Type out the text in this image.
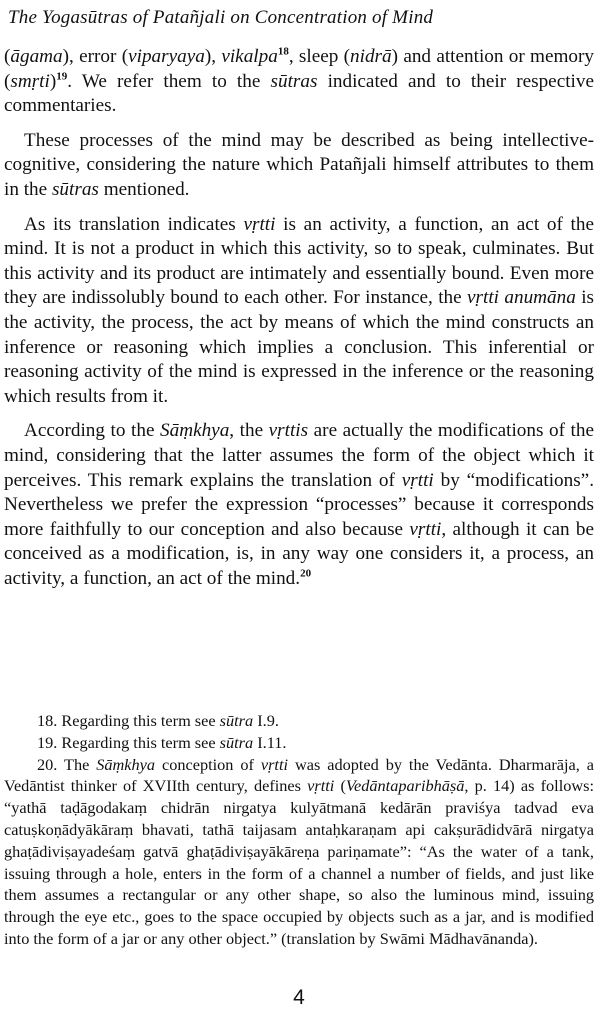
The Yogasūtras of Patañjali on Concentration of Mind

(āgama), error (viparyaya), vikalpa$^{18}$, sleep (nidrā) and attention or memory (smṛti)$^{19}$. We refer them to the sūtras indicated and to their respective commentaries.

These processes of the mind may be described as being intellective-cognitive, considering the nature which Patañjali himself attributes to them in the sūtras mentioned.

As its translation indicates vṛtti is an activity, a function, an act of the mind. It is not a product in which this activity, so to speak, culminates. But this activity and its product are intimately and essentially bound. Even more they are indissolubly bound to each other. For instance, the vṛtti anumāna is the activity, the process, the act by means of which the mind constructs an inference or reasoning which implies a conclusion. This inferential or reasoning activity of the mind is expressed in the inference or the reasoning which results from it.

According to the Sāṃkhya, the vṛttis are actually the modifications of the mind, considering that the latter assumes the form of the object which it perceives. This remark explains the translation of vṛtti by “modifications”. Nevertheless we prefer the expression “processes” because it corresponds more faithfully to our conception and also because vṛtti, although it can be conceived as a modification, is, in any way one considers it, a process, an activity, a function, an act of the mind.$^{20}$

18. Regarding this term see sūtra I.9.

19. Regarding this term see sūtra I.11.

20. The Sāṃkhya conception of vṛtti was adopted by the Vedānta. Dharmarāja, a Vedāntist thinker of XVIIth century, defines vṛtti (Vedāntaparibhāṣā, p. 14) as follows: “yathā taḍāgodakaṃ chidrān nirgatya kulyātmanā kedārān praviśya tadvad eva catuṣkoṇādyākāraṃ bhavati, tathā taijasam antaḥkaraṇam api cakṣurādidvārā nirgatya ghaṭādiviṣayadeśaṃ gatvā ghaṭādiviṣayākāreṇa pariṇamate”: “As the water of a tank, issuing through a hole, enters in the form of a channel a number of fields, and just like them assumes a rectangular or any other shape, so also the luminous mind, issuing through the eye etc., goes to the space occupied by objects such as a jar, and is modified into the form of a jar or any other object.” (translation by Swāmi Mādhavānanda).

4
